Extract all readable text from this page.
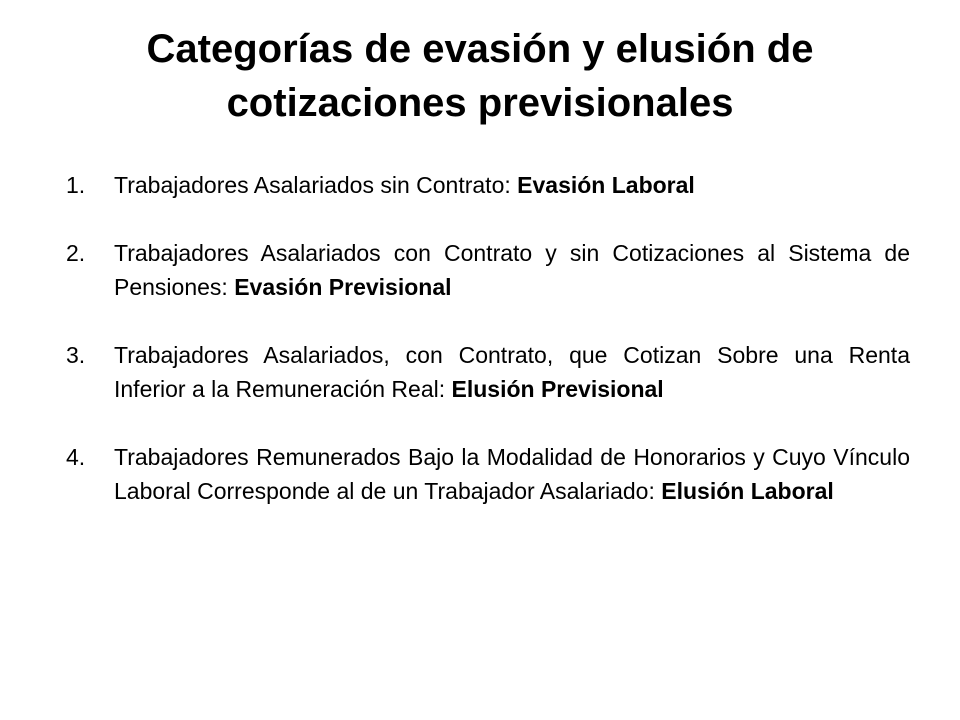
Categorías de evasión y elusión de cotizaciones previsionales
1. Trabajadores Asalariados sin Contrato: Evasión Laboral
2. Trabajadores Asalariados con Contrato y sin Cotizaciones al Sistema de Pensiones: Evasión Previsional
3. Trabajadores Asalariados, con Contrato, que Cotizan Sobre una Renta Inferior a la Remuneración Real: Elusión Previsional
4. Trabajadores Remunerados Bajo la Modalidad de Honorarios y Cuyo Vínculo Laboral Corresponde al de un Trabajador Asalariado: Elusión Laboral
